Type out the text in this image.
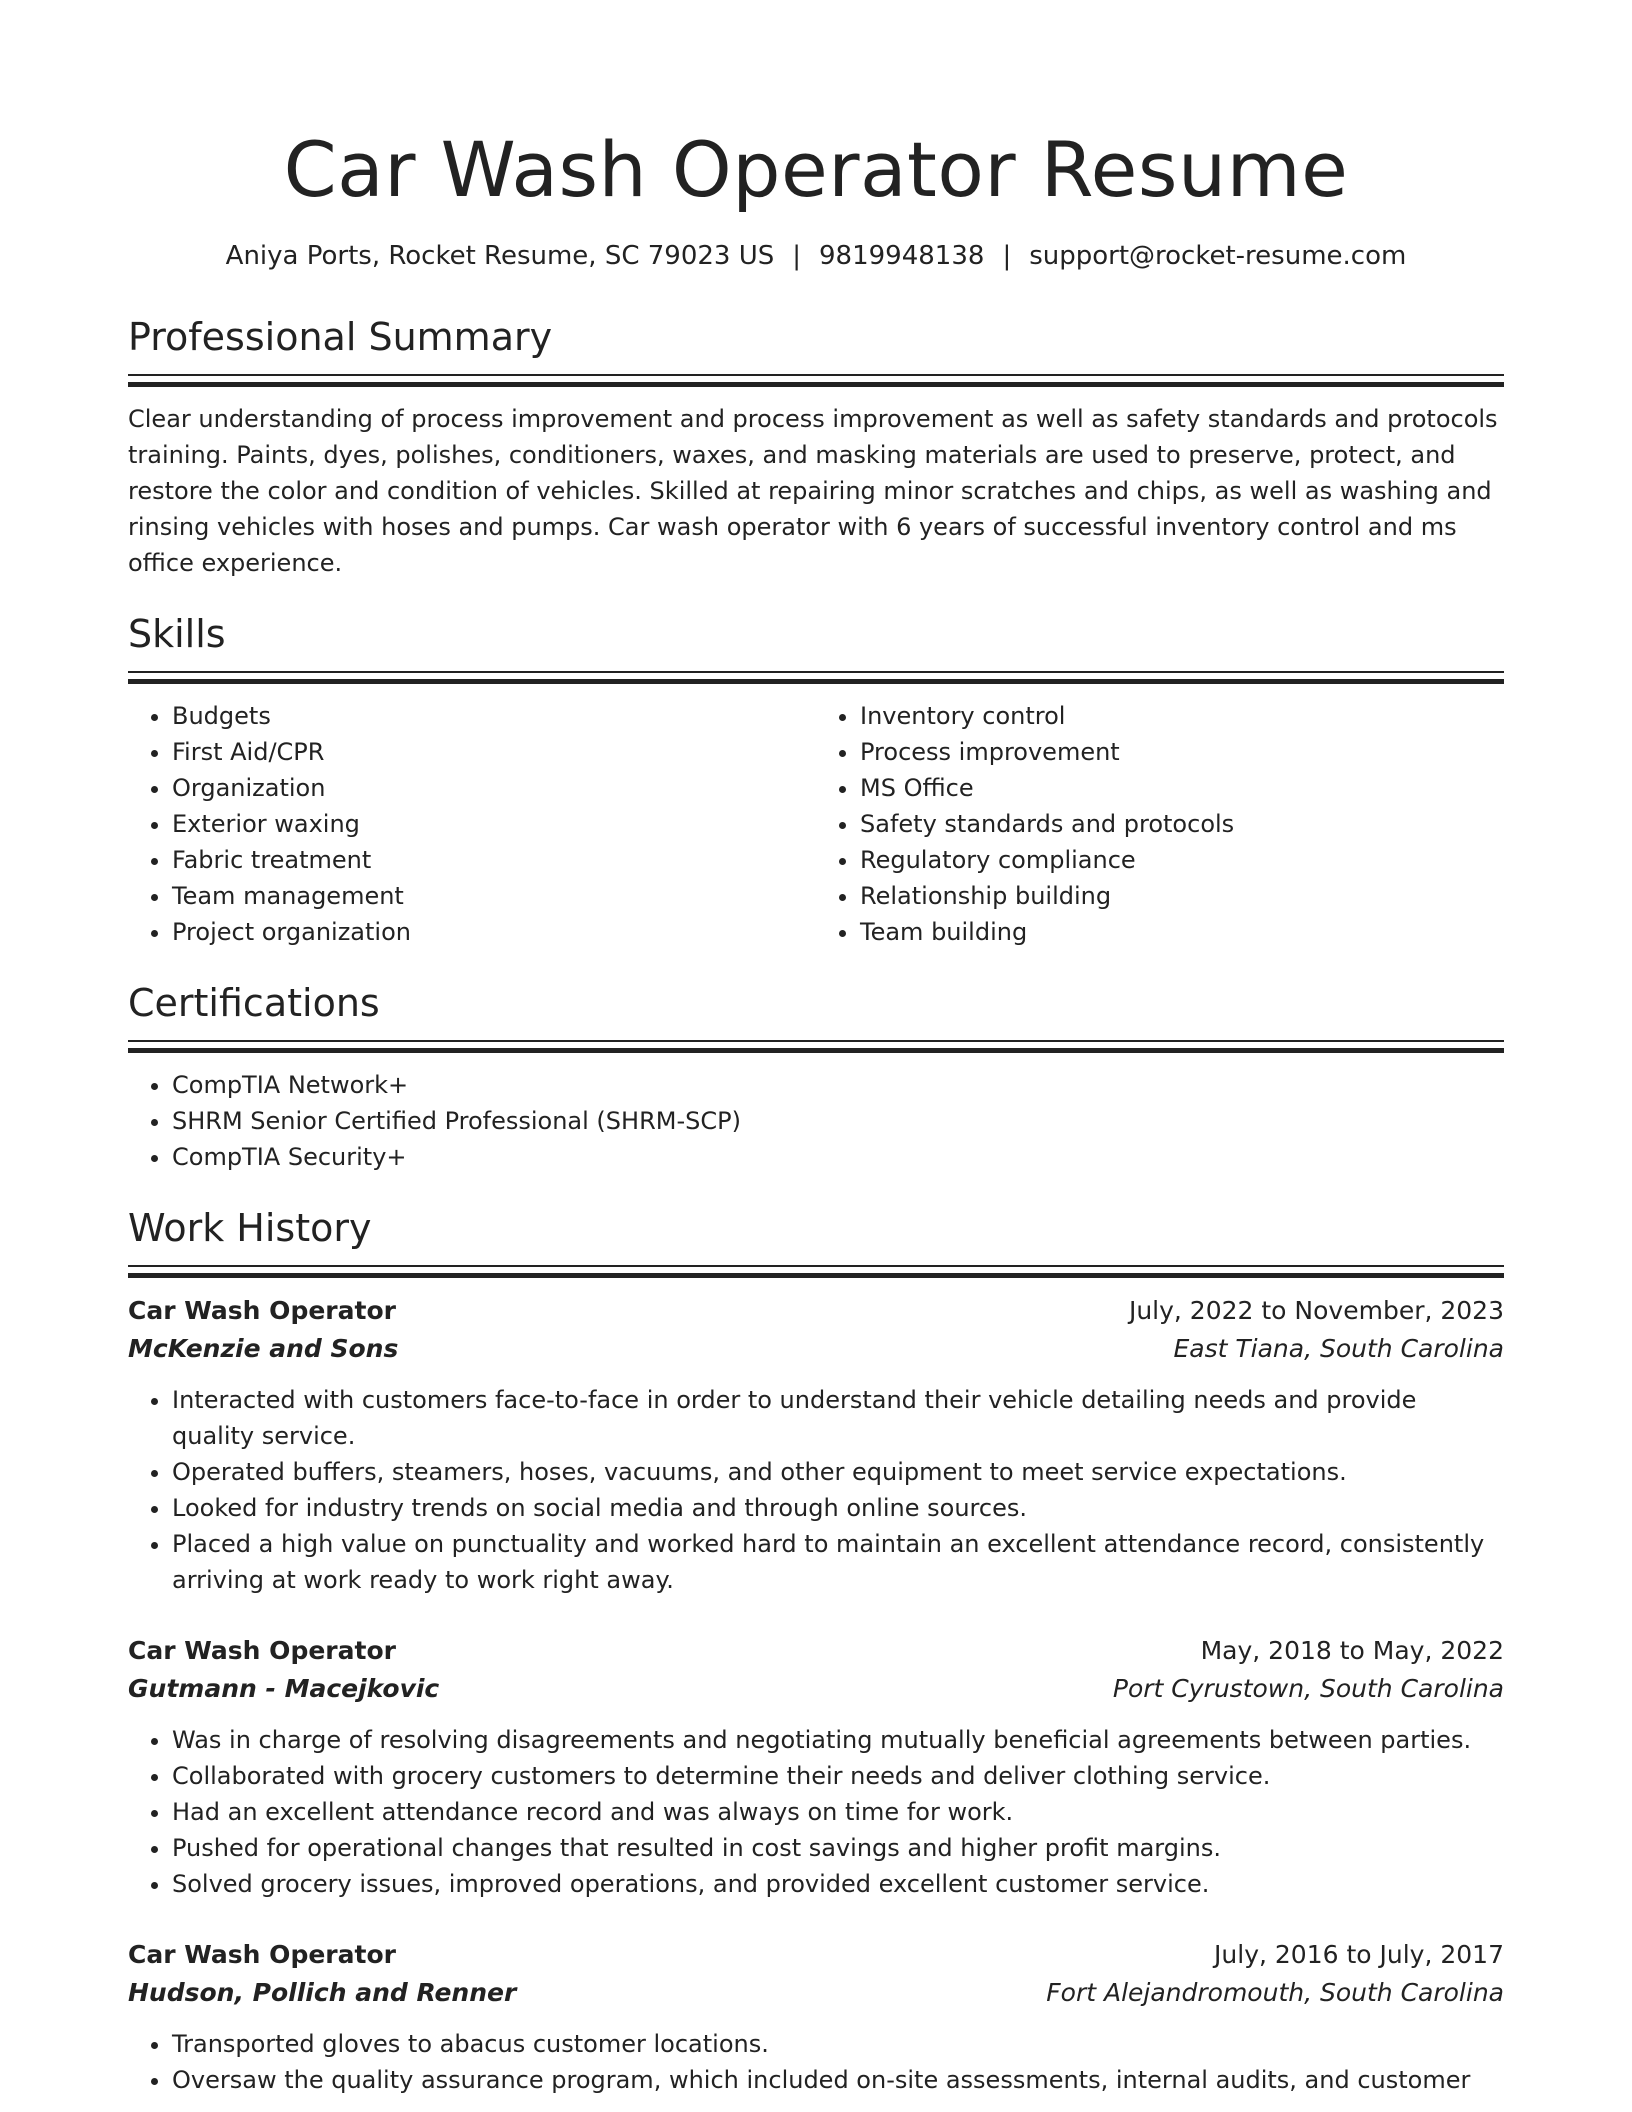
Car Wash Operator Resume
Aniya Ports, Rocket Resume, SC 79023 US | 9819948138 | support@rocket-resume.com
Professional Summary

Clear understanding of process improvement and process improvement as well as safety standards and protocols training. Paints, dyes, polishes, conditioners, waxes, and masking materials are used to preserve, protect, and restore the color and condition of vehicles. Skilled at repairing minor scratches and chips, as well as washing and rinsing vehicles with hoses and pumps. Car wash operator with 6 years of successful inventory control and ms office experience.

Skills
• Budgets
• First Aid/CPR
• Organization
• Exterior waxing
• Fabric treatment
• Team management
• Project organization
• Inventory control
• Process improvement
• MS Office
• Safety standards and protocols
• Regulatory compliance
• Relationship building
• Team building
Certifications
• CompTIA Network+
• SHRM Senior Certified Professional (SHRM-SCP)
• CompTIA Security+
Work History
Car Wash Operator	July, 2022 to November, 2023
McKenzie and Sons	East Tiana, South Carolina
• Interacted with customers face-to-face in order to understand their vehicle detailing needs and provide quality service.
• Operated buffers, steamers, hoses, vacuums, and other equipment to meet service expectations.
• Looked for industry trends on social media and through online sources.
• Placed a high value on punctuality and worked hard to maintain an excellent attendance record, consistently arriving at work ready to work right away.
Car Wash Operator	May, 2018 to May, 2022
Gutmann - Macejkovic	Port Cyrustown, South Carolina
• Was in charge of resolving disagreements and negotiating mutually beneficial agreements between parties.
• Collaborated with grocery customers to determine their needs and deliver clothing service.
• Had an excellent attendance record and was always on time for work.
• Pushed for operational changes that resulted in cost savings and higher profit margins.
• Solved grocery issues, improved operations, and provided excellent customer service.
Car Wash Operator	July, 2016 to July, 2017
Hudson, Pollich and Renner	Fort Alejandromouth, South Carolina
• Transported gloves to abacus customer locations.
• Oversaw the quality assurance program, which included on-site assessments, internal audits, and customer
